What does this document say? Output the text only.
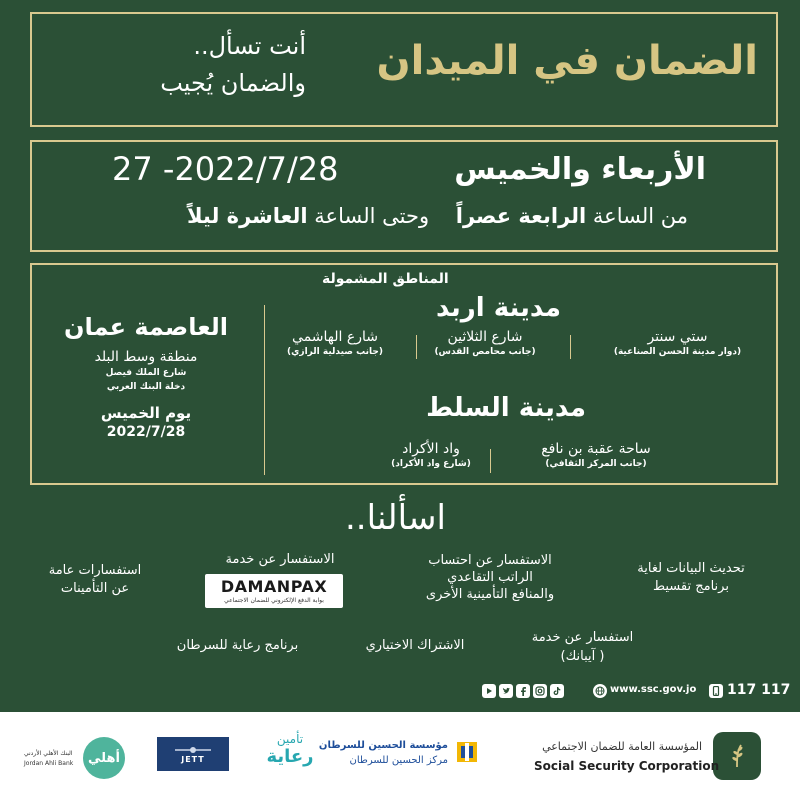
الضمان في الميدان
أنت تسأل..
والضمان يُجيب
الأربعاء والخميس
27 -2022/7/28
من الساعة الرابعة عصراً    وحتى الساعة العاشرة ليلاً
المناطق المشمولة
مدينة اربد
ستي سنتر
(دوار مدينة الحسن الصناعية)
شارع الثلاثين
(جانب محامص القدس)
شارع الهاشمي
(جانب صيدلية الرازي)
مدينة السلط
ساحة عقبة بن نافع
(جانب المركز الثقافي)
واد الأكراد
(شارع واد الأكراد)
العاصمة عمان
منطقة وسط البلد
شارع الملك فيصل
دخلة البنك العربي
يوم الخميس
2022/7/28
اسألنا..
تحديث البيانات لغاية
برنامج تقسيط
الاستفسار عن احتساب
الراتب التقاعدي
والمنافع التأمينية الأخرى
الاستفسار عن خدمة
DAMANPAX
بوابة الدفع الإلكتروني للضمان الاجتماعي
استفسارات عامة
عن التأمينات
استفسار عن خدمة
( آيبانك)
الاشتراك الاختياري
برنامج رعاية للسرطان
www.ssc.gov.jo 117 117
المؤسسة العامة للضمان الاجتماعي
Social Security Corporation
مؤسسة الحسين للسرطان
مركز الحسين للسرطان
تأمين
رعاية
JETT
أهلي
البنك الأهلي الأردني
Jordan Ahli Bank
